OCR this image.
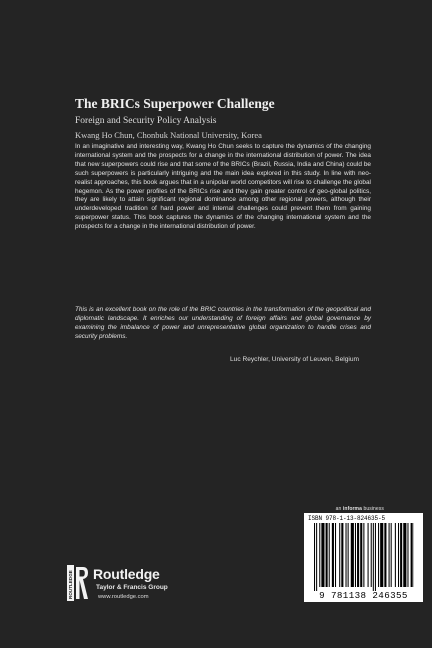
The BRICs Superpower Challenge
Foreign and Security Policy Analysis
Kwang Ho Chun, Chonbuk National University, Korea

In an imaginative and interesting way, Kwang Ho Chun seeks to capture the dynamics of the changing international system and the prospects for a change in the international distribution of power. The idea that new superpowers could rise and that some of the BRICs (Brazil, Russia, India and China) could be such superpowers is particularly intriguing and the main idea explored in this study. In line with neo-realist approaches, this book argues that in a unipolar world competitors will rise to challenge the global hegemon. As the power profiles of the BRICs rise and they gain greater control of geo-global politics, they are likely to attain significant regional dominance among other regional powers, although their underdeveloped tradition of hard power and internal challenges could prevent them from gaining superpower status. This book captures the dynamics of the changing international system and the prospects for a change in the international distribution of power.

This is an excellent book on the role of the BRIC countries in the transformation of the geopolitical and diplomatic landscape. It enriches our understanding of foreign affairs and global governance by examining the imbalance of power and unrepresentative global organization to handle crises and security problems.

Luc Reychler, University of Leuven, Belgium
an informa business
ISBN 978-1-13-824635-5
9 781138 246355
ROUTLEDGE Routledge
Taylor & Francis Group
www.routledge.com
